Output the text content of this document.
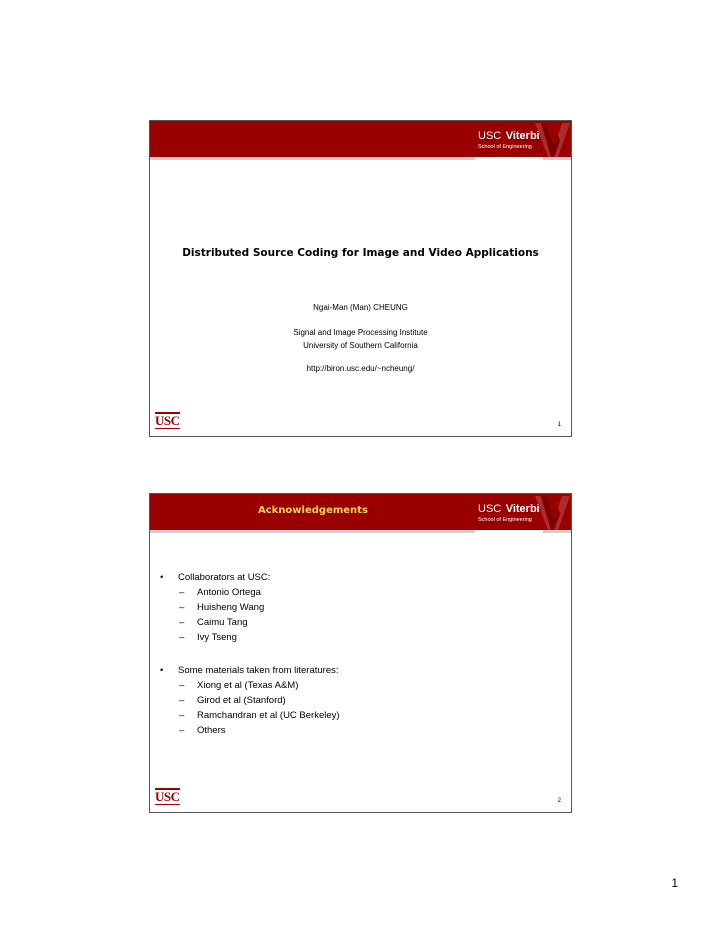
USC Viterbi
School of Engineering
Distributed Source Coding for Image and Video Applications
Ngai-Man (Man) CHEUNG
Signal and Image Processing Institute
University of Southern California
http://biron.usc.edu/~ncheung/
USC	1
Acknowledgements	USC Viterbi
School of Engineering
• Collaborators at USC:
– Antonio Ortega
– Huisheng Wang
– Caimu Tang
– Ivy Tseng
• Some materials taken from literatures:
– Xiong et al (Texas A&M)
– Girod et al (Stanford)
– Ramchandran et al (UC Berkeley)
– Others
USC	2
1
